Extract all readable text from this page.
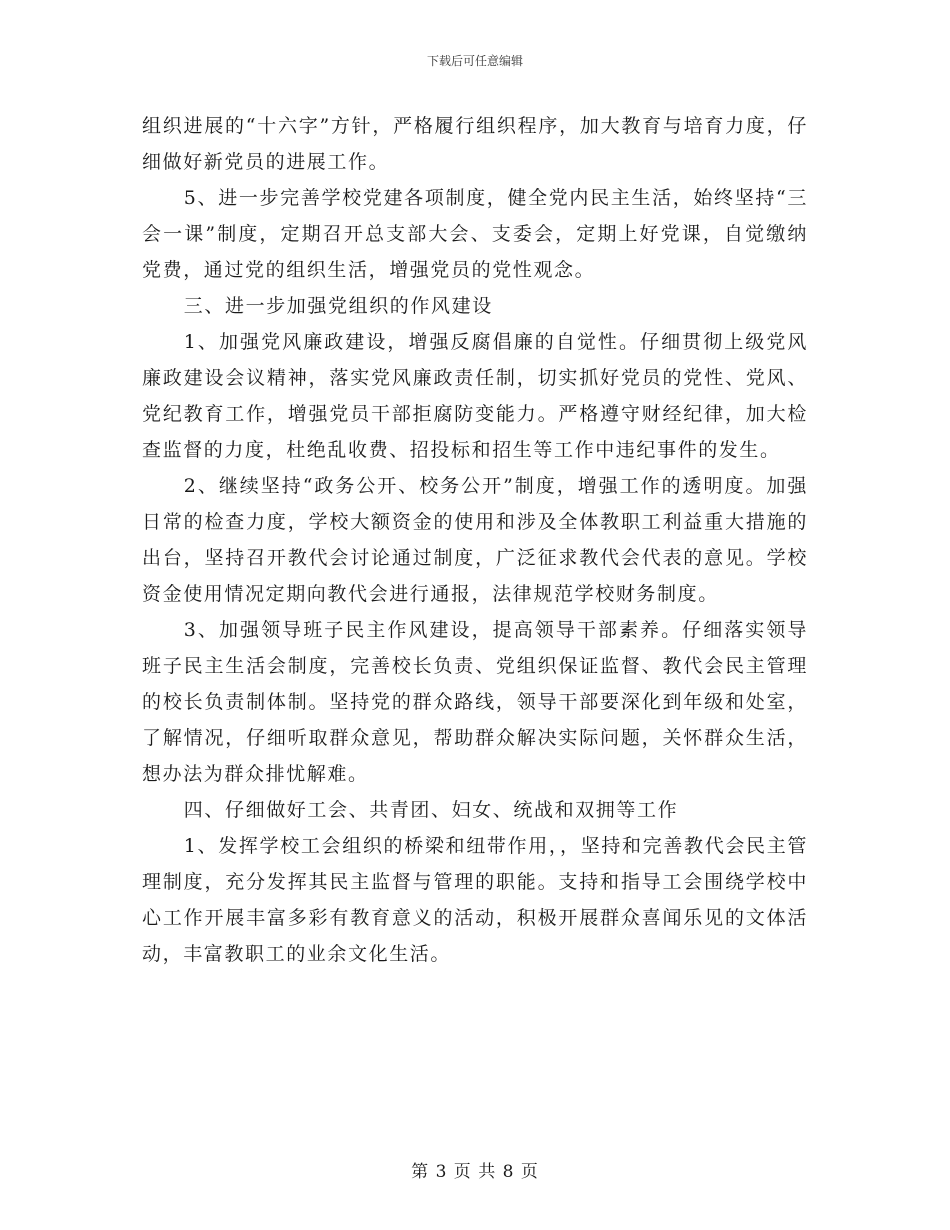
下载后可任意编辑

组织进展的“十六字”方针，严格履行组织程序，加大教育与培育力度，仔细做好新党员的进展工作。

5、进一步完善学校党建各项制度，健全党内民主生活，始终坚持“三会一课”制度，定期召开总支部大会、支委会，定期上好党课，自觉缴纳党费，通过党的组织生活，增强党员的党性观念。

三、进一步加强党组织的作风建设

1、加强党风廉政建设，增强反腐倡廉的自觉性。仔细贯彻上级党风廉政建设会议精神，落实党风廉政责任制，切实抓好党员的党性、党风、党纪教育工作，增强党员干部拒腐防变能力。严格遵守财经纪律，加大检查监督的力度，杜绝乱收费、招投标和招生等工作中违纪事件的发生。

2、继续坚持“政务公开、校务公开”制度，增强工作的透明度。加强日常的检查力度，学校大额资金的使用和涉及全体教职工利益重大措施的出台，坚持召开教代会讨论通过制度，广泛征求教代会代表的意见。学校资金使用情况定期向教代会进行通报，法律规范学校财务制度。

3、加强领导班子民主作风建设，提高领导干部素养。仔细落实领导班子民主生活会制度，完善校长负责、党组织保证监督、教代会民主管理的校长负责制体制。坚持党的群众路线，领导干部要深化到年级和处室，了解情况，仔细听取群众意见，帮助群众解决实际问题，关怀群众生活，想办法为群众排忧解难。

四、仔细做好工会、共青团、妇女、统战和双拥等工作

1、发挥学校工会组织的桥梁和纽带作用，，坚持和完善教代会民主管理制度，充分发挥其民主监督与管理的职能。支持和指导工会围绕学校中心工作开展丰富多彩有教育意义的活动，积极开展群众喜闻乐见的文体活动，丰富教职工的业余文化生活。

第 3 页 共 8 页
